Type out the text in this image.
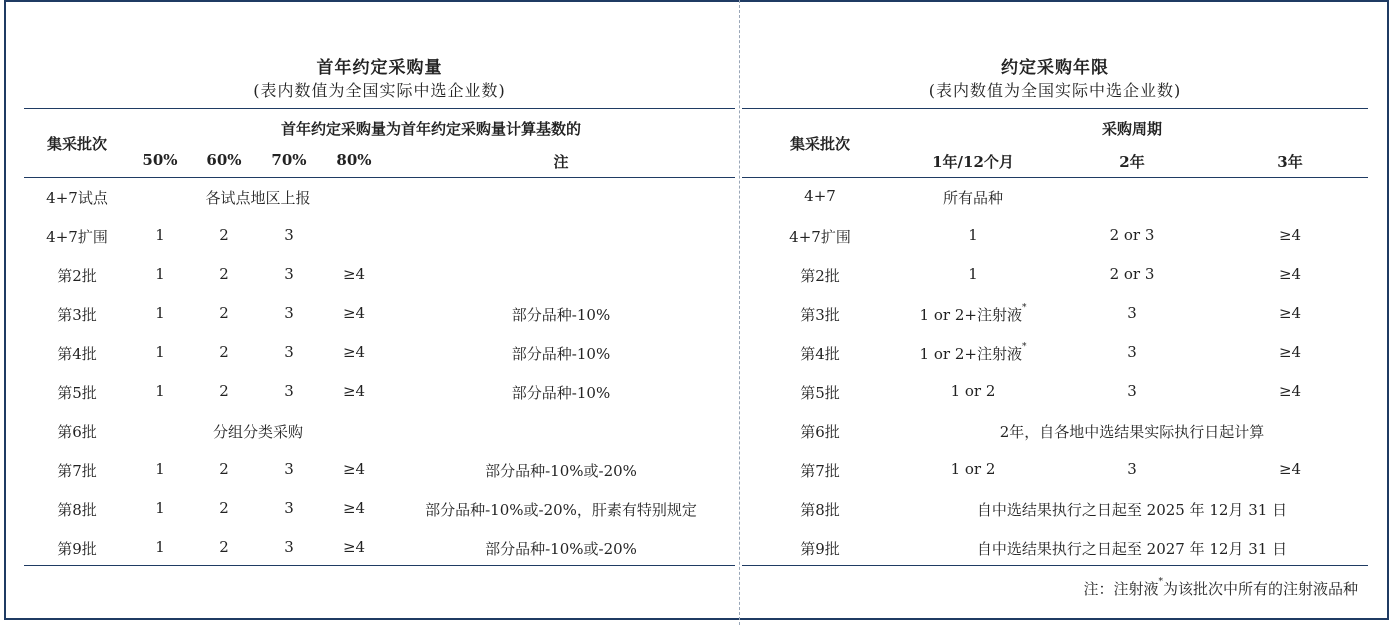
首年约定采购量
(表内数值为全国实际中选企业数)
集采批次
首年约定采购量为首年约定采购量计算基数的
50% 60% 70% 80%	注
4+7试点	各试点地区上报
4+7扩围	1	2	3
第2批	1	2	3	≥4
第3批	1	2	3	≥4	部分品种-10%
第4批	1	2	3	≥4	部分品种-10%
第5批	1	2	3	≥4	部分品种-10%
第6批	分组分类采购
第7批	1	2	3	≥4	部分品种-10%或-20%
第8批	1	2	3	≥4	部分品种-10%或-20%，肝素有特别规定
第9批	1	2	3	≥4	部分品种-10%或-20%
约定采购年限
(表内数值为全国实际中选企业数)
集采批次
采购周期
1年/12个月	2年	3年
4+7	所有品种
4+7扩围	1	2 or 3	≥4
第2批	1	2 or 3	≥4
第3批	1 or 2+注射液*	3	≥4
第4批	1 or 2+注射液*	3	≥4
第5批	1 or 2	3	≥4
第6批	2年，自各地中选结果实际执行日起计算
第7批	1 or 2	3	≥4
第8批	自中选结果执行之日起至 2025 年 12月 31 日
第9批	自中选结果执行之日起至 2027 年 12月 31 日
注：注射液*为该批次中所有的注射液品种
